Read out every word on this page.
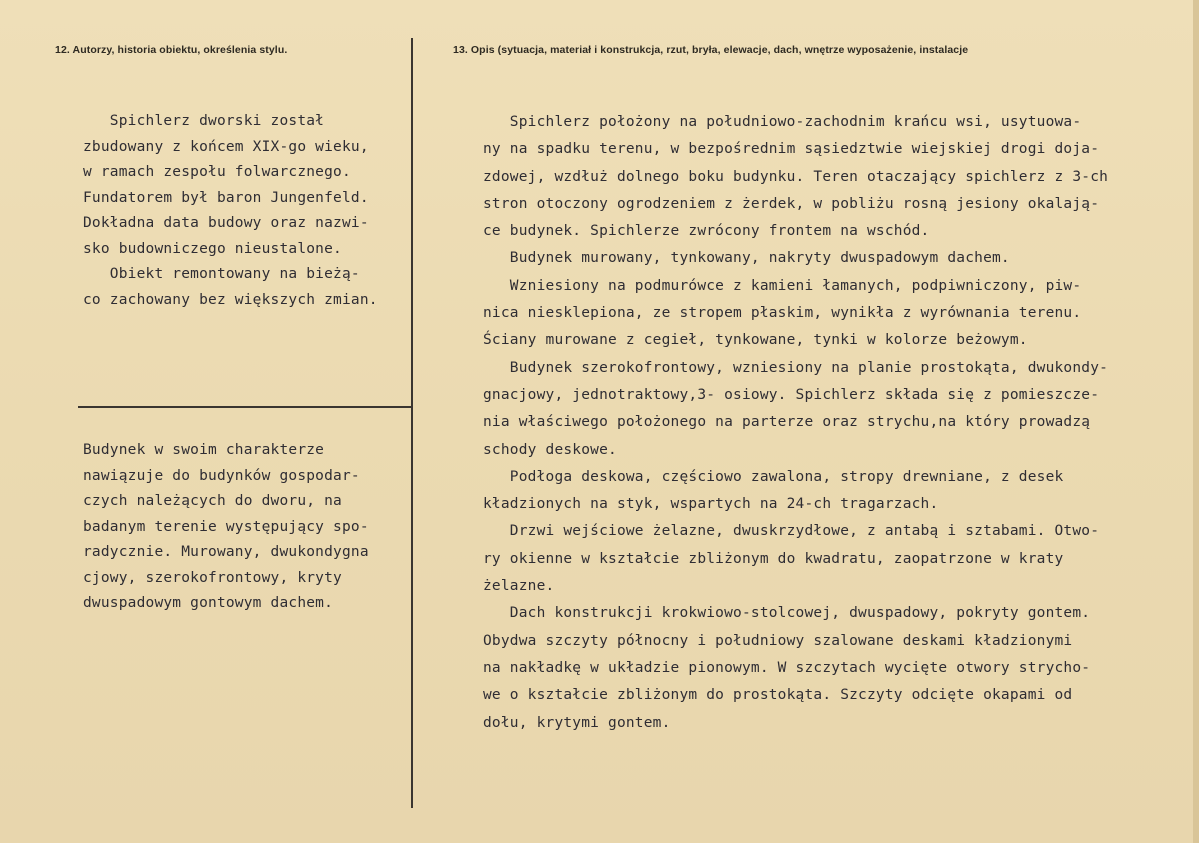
12. Autorzy, historia obiektu, określenia stylu.	13. Opis (sytuacja, materiał i konstrukcja, rzut, bryła, elewacje, dach, wnętrze wyposażenie, instalacje
Spichlerz dworski został
zbudowany z końcem XIX-go wieku,
w ramach zespołu folwarcznego.
Fundatorem był baron Jungenfeld.
Dokładna data budowy oraz nazwi-
sko budowniczego nieustalone.
Obiekt remontowany na bieżą-
co zachowany bez większych zmian.
Budynek w swoim charakterze
nawiązuje do budynków gospodar-
czych należących do dworu, na
badanym terenie występujący spo-
radycznie. Murowany, dwukondygna
cjowy, szerokofrontowy, kryty
dwuspadowym gontowym dachem.
Spichlerz położony na południowo-zachodnim krańcu wsi, usytuowa-
ny na spadku terenu, w bezpośrednim sąsiedztwie wiejskiej drogi doja-
zdowej, wzdłuż dolnego boku budynku. Teren otaczający spichlerz z 3-ch
stron otoczony ogrodzeniem z żerdek, w pobliżu rosną jesiony okalają-
ce budynek. Spichlerze zwrócony frontem na wschód.
Budynek murowany, tynkowany, nakryty dwuspadowym dachem.
Wzniesiony na podmurówce z kamieni łamanych, podpiwniczony, piw-
nica niesklepiona, ze stropem płaskim, wynikła z wyrównania terenu.
Ściany murowane z cegieł, tynkowane, tynki w kolorze beżowym.
Budynek szerokofrontowy, wzniesiony na planie prostokąta, dwukondy-
gnacjowy, jednotraktowy,3- osiowy. Spichlerz składa się z pomieszcze-
nia właściwego położonego na parterze oraz strychu,na który prowadzą
schody deskowe.
Podłoga deskowa, częściowo zawalona, stropy drewniane, z desek
kładzionych na styk, wspartych na 24-ch tragarzach.
Drzwi wejściowe żelazne, dwuskrzydłowe, z antabą i sztabami. Otwo-
ry okienne w kształcie zbliżonym do kwadratu, zaopatrzone w kraty
żelazne.
Dach konstrukcji krokwiowo-stolcowej, dwuspadowy, pokryty gontem.
Obydwa szczyty północny i południowy szalowane deskami kładzionymi
na nakładkę w układzie pionowym. W szczytach wycięte otwory strycho-
we o kształcie zbliżonym do prostokąta. Szczyty odcięte okapami od
dołu, krytymi gontem.
